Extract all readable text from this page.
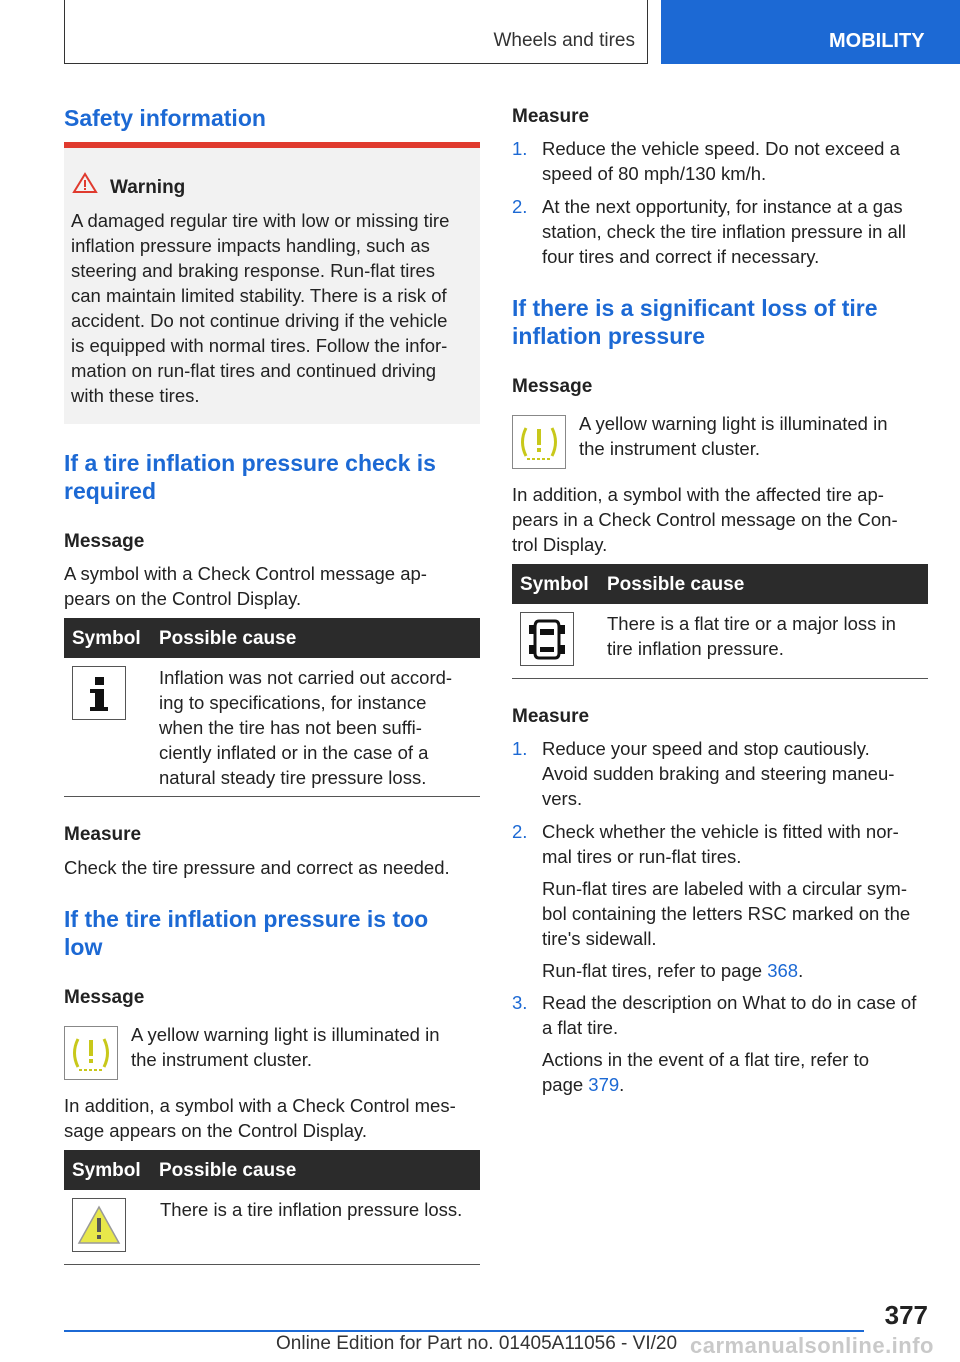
Wheels and tires	MOBILITY
Safety information
Warning
A damaged regular tire with low or missing tire
inflation pressure impacts handling, such as
steering and braking response. Run-flat tires
can maintain limited stability. There is a risk of
accident. Do not continue driving if the vehicle
is equipped with normal tires. Follow the infor-
mation on run-flat tires and continued driving
with these tires.
If a tire inflation pressure check is
required
Message
A symbol with a Check Control message ap-
pears on the Control Display.
Symbol Possible cause
Inflation was not carried out accord-
ing to specifications, for instance
when the tire has not been suffi-
ciently inflated or in the case of a
natural steady tire pressure loss.
Measure
Check the tire pressure and correct as needed.
If the tire inflation pressure is too
low
Message
A yellow warning light is illuminated in
the instrument cluster.
In addition, a symbol with a Check Control mes-
sage appears on the Control Display.
Symbol Possible cause
There is a tire inflation pressure loss.
Measure
1. Reduce the vehicle speed. Do not exceed a
speed of 80 mph/130 km/h.
2. At the next opportunity, for instance at a gas
station, check the tire inflation pressure in all
four tires and correct if necessary.
If there is a significant loss of tire
inflation pressure
Message
A yellow warning light is illuminated in
the instrument cluster.
In addition, a symbol with the affected tire ap-
pears in a Check Control message on the Con-
trol Display.
Symbol Possible cause
There is a flat tire or a major loss in
tire inflation pressure.
Measure
1. Reduce your speed and stop cautiously.
Avoid sudden braking and steering maneu-
vers.
2. Check whether the vehicle is fitted with nor-
mal tires or run-flat tires.
Run-flat tires are labeled with a circular sym-
bol containing the letters RSC marked on the
tire's sidewall.
Run-flat tires, refer to page 368.
3. Read the description on What to do in case of
a flat tire.
Actions in the event of a flat tire, refer to
page 379.
377
Online Edition for Part no. 01405A11056 - VI/20 carmanualsonline.info
